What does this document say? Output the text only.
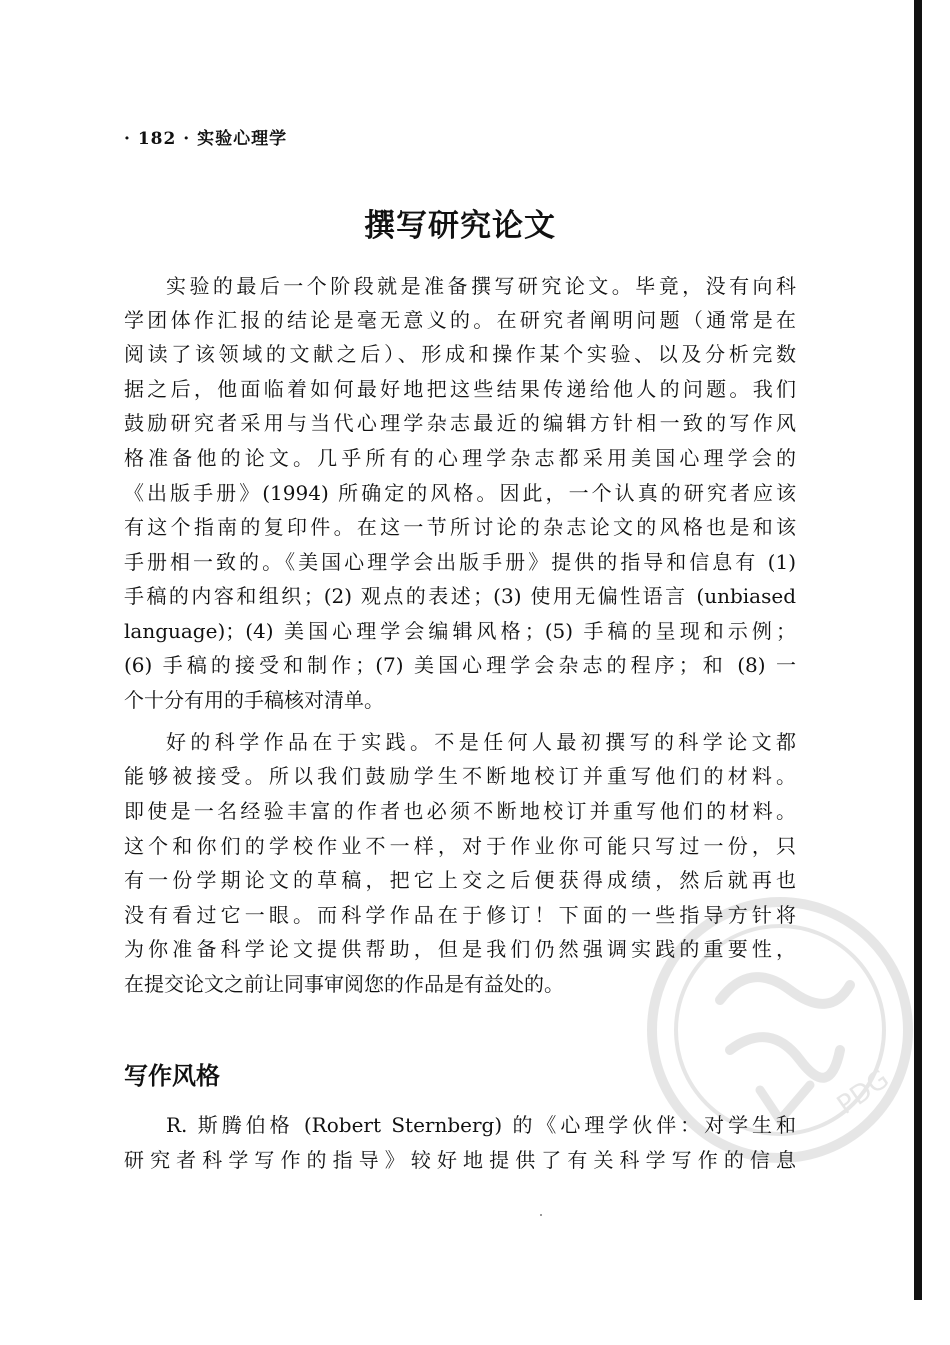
· 182 · 实验心理学
撰写研究论文
实验的最后一个阶段就是准备撰写研究论文。毕竟，没有向科
学团体作汇报的结论是毫无意义的。在研究者阐明问题（通常是在
阅读了该领域的文献之后）、形成和操作某个实验、以及分析完数
据之后，他面临着如何最好地把这些结果传递给他人的问题。我们
鼓励研究者采用与当代心理学杂志最近的编辑方针相一致的写作风
格准备他的论文。几乎所有的心理学杂志都采用美国心理学会的
《出版手册》(1994) 所确定的风格。因此，一个认真的研究者应该
有这个指南的复印件。在这一节所讨论的杂志论文的风格也是和该
手册相一致的。《美国心理学会出版手册》提供的指导和信息有 (1)
手稿的内容和组织；(2) 观点的表述；(3) 使用无偏性语言 (unbiased
language)；(4) 美国心理学会编辑风格；(5) 手稿的呈现和示例；
(6) 手稿的接受和制作；(7) 美国心理学会杂志的程序；和 (8) 一
个十分有用的手稿核对清单。
好的科学作品在于实践。不是任何人最初撰写的科学论文都
能够被接受。所以我们鼓励学生不断地校订并重写他们的材料。
即使是一名经验丰富的作者也必须不断地校订并重写他们的材料。
这个和你们的学校作业不一样，对于作业你可能只写过一份，只
有一份学期论文的草稿，把它上交之后便获得成绩，然后就再也
没有看过它一眼。而科学作品在于修订！下面的一些指导方针将
为你准备科学论文提供帮助，但是我们仍然强调实践的重要性，
在提交论文之前让同事审阅您的作品是有益处的。
写作风格
R. 斯腾伯格 (Robert Sternberg) 的《心理学伙伴：对学生和
研究者科学写作的指导》较好地提供了有关科学写作的信息
PDG
